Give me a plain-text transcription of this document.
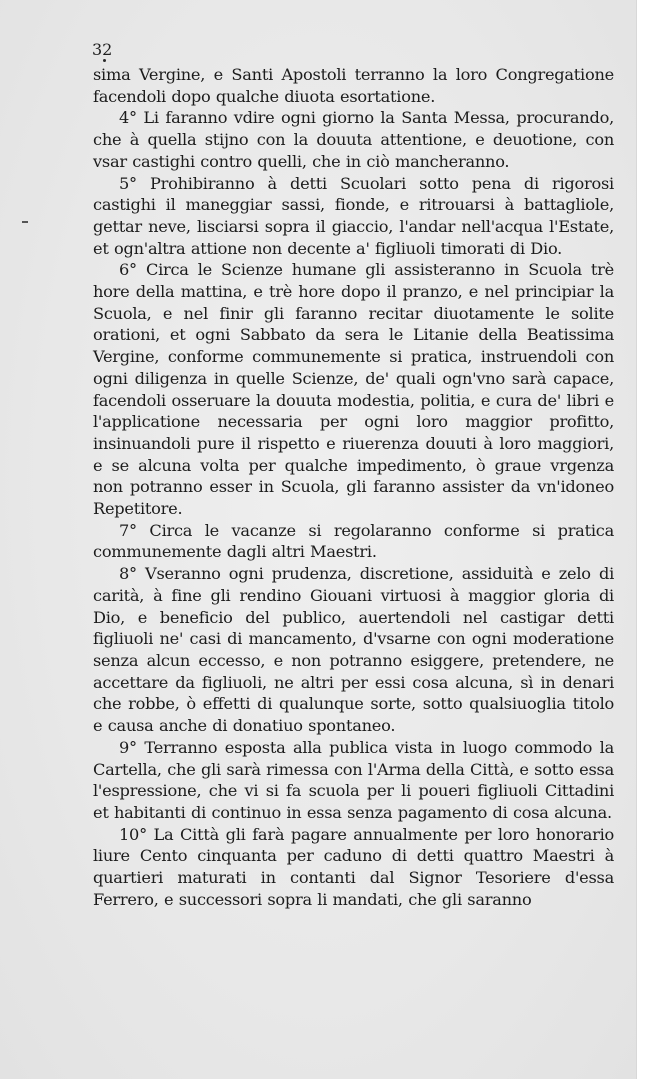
32

sima Vergine, e Santi Apostoli terranno la loro Congregatione facendoli dopo qualche diuota esortatione.

4° Li faranno vdire ogni giorno la Santa Messa, procurando, che à quella stijno con la douuta attentione, e deuotione, con vsar castighi contro quelli, che in ciò mancheranno.

5° Prohibiranno à detti Scuolari sotto pena di rigorosi castighi il maneggiar sassi, fionde, e ritrouarsi à battagliole, gettar neve, lisciarsi sopra il giaccio, l'andar nell'acqua l'Estate, et ogn'altra attione non decente a' figliuoli timorati di Dio.

6° Circa le Scienze humane gli assisteranno in Scuola trè hore della mattina, e trè hore dopo il pranzo, e nel principiar la Scuola, e nel finir gli faranno recitar diuotamente le solite orationi, et ogni Sabbato da sera le Litanie della Beatissima Vergine, conforme communemente si pratica, instruendoli con ogni diligenza in quelle Scienze, de' quali ogn'vno sarà capace, facendoli osseruare la douuta modestia, politia, e cura de' libri e l'applicatione necessaria per ogni loro maggior profitto, insinuandoli pure il rispetto e riuerenza douuti à loro maggiori, e se alcuna volta per qualche impedimento, ò graue vrgenza non potranno esser in Scuola, gli faranno assister da vn'idoneo Repetitore.

7° Circa le vacanze si regolaranno conforme si pratica communemente dagli altri Maestri.

8° Vseranno ogni prudenza, discretione, assiduità e zelo di carità, à fine gli rendino Giouani virtuosi à maggior gloria di Dio, e beneficio del publico, auertendoli nel castigar detti figliuoli ne' casi di mancamento, d'vsarne con ogni moderatione senza alcun eccesso, e non potranno esiggere, pretendere, ne accettare da figliuoli, ne altri per essi cosa alcuna, sì in denari che robbe, ò effetti di qualunque sorte, sotto qualsiuoglia titolo e causa anche di donatiuo spontaneo.

9° Terranno esposta alla publica vista in luogo commodo la Cartella, che gli sarà rimessa con l'Arma della Città, e sotto essa l'espressione, che vi si fa scuola per li poueri figliuoli Cittadini et habitanti di continuo in essa senza pagamento di cosa alcuna.

10° La Città gli farà pagare annualmente per loro honorario liure Cento cinquanta per caduno di detti quattro Maestri à quartieri maturati in contanti dal Signor Tesoriere d'essa Ferrero, e successori sopra li mandati, che gli saranno
